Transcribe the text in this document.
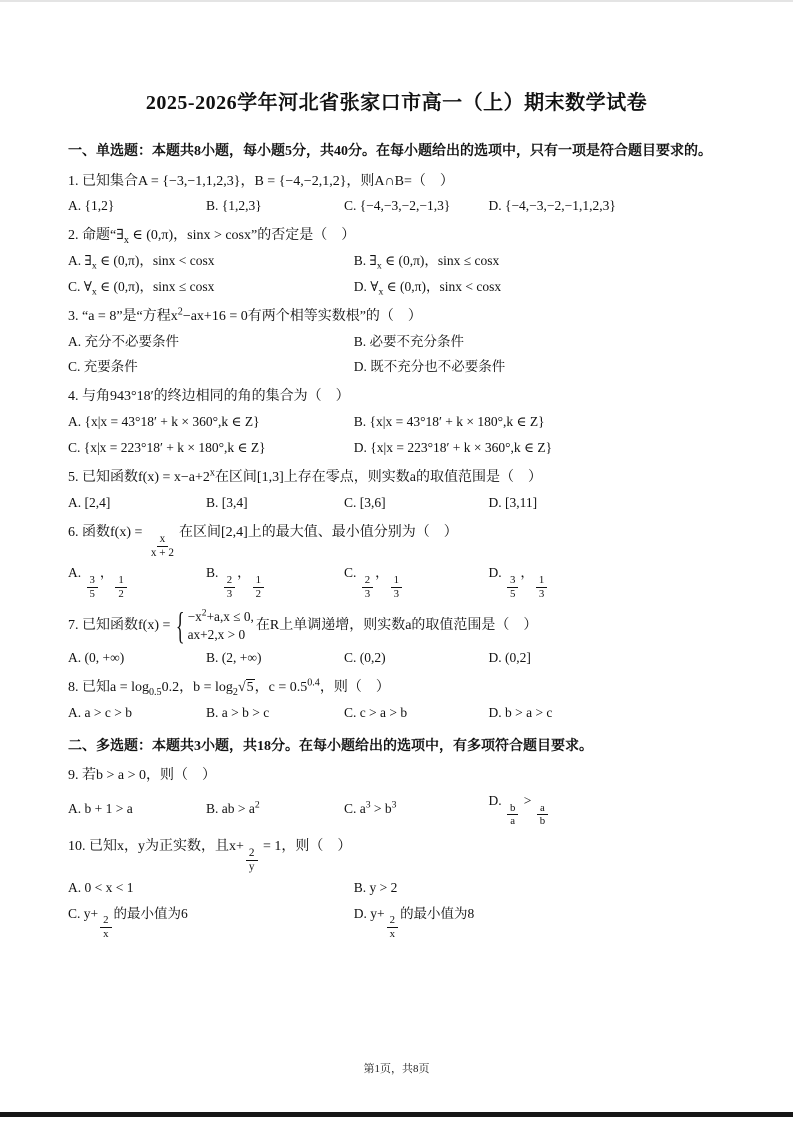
2025-2026学年河北省张家口市高一（上）期末数学试卷
一、单选题：本题共8小题，每小题5分，共40分。在每小题给出的选项中，只有一项是符合题目要求的。
1. 已知集合A = {−3,−1,1,2,3}，B = {−4,−2,1,2}，则A∩B=（　）
A. {1,2}	B. {1,2,3}	C. {−4,−3,−2,−1,3}	D. {−4,−3,−2,−1,1,2,3}
2. 命题“$\exists_x$ ∈ (0,π)，sinx > cosx”的否定是（　）
A. $\exists_x$ ∈ (0,π)，sinx < cosx	B. $\exists_x$ ∈ (0,π)，sinx ≤ cosx
C. $\forall_x$ ∈ (0,π)，sinx ≤ cosx	D. $\forall_x$ ∈ (0,π)，sinx < cosx
3. “a = 8”是“方程$x^2-ax+16 = 0$有两个相等实数根”的（　）
A. 充分不必要条件	B. 必要不充分条件
C. 充要条件	D. 既不充分也不必要条件
4. 与角943°18′的终边相同的角的集合为（　）
A. {x|x = 43°18′ + k × 360°,k ∈ Z}	B. {x|x = 43°18′ + k × 180°,k ∈ Z}
C. {x|x = 223°18′ + k × 180°,k ∈ Z}	D. {x|x = 223°18′ + k × 360°,k ∈ Z}
5. 已知函数$f(x) = x-a+2^x$在区间[1,3]上存在零点，则实数a的取值范围是（　）
A. [2,4]	B. [3,4]	C. [3,6]	D. [3,11]
6. 函数f(x) =
$\frac{x}{x + 2}$
在区间[2,4]上的最大值、最小值分别为（　）
A.
$\frac{3}{5}$
，
$\frac{1}{2}$
B.
$\frac{2}{3}$
，
$\frac{1}{2}$
C.
$\frac{2}{3}$
，
$\frac{1}{3}$
D.
$\frac{3}{5}$
，
$\frac{1}{3}$
7. 已知函数f(x) = { $-x^2+a,x \le 0$,
ax+2,x > 0
在R上单调递增，则实数a的取值范围是（　）
A. (0, +∞)	B. (2, +∞)	C. (0,2)	D. (0,2]
8. 已知$a = \log_{0.5}0.2$，$b = \log_2√5$，$c = 0.5^{0.4}$，则（　）
A. a > c > b	B. a > b > c	C. c > a > b	D. b > a > c
二、多选题：本题共3小题，共18分。在每小题给出的选项中，有多项符合题目要求。
9. 若b > a > 0，则（　）
A. b + 1 > a	B. ab > $a^2$	C. $a^3 > b^3$	D.
$\frac{b}{a}$
>
$\frac{a}{b}$
10. 已知x，y为正实数，且x+
$\frac{2}{y}$
= 1，则（　）
A. 0 < x < 1	B. y > 2
C. y+
$\frac{2}{x}$
的最小值为6	D. y+
$\frac{2}{x}$
的最小值为8
第1页，共8页
